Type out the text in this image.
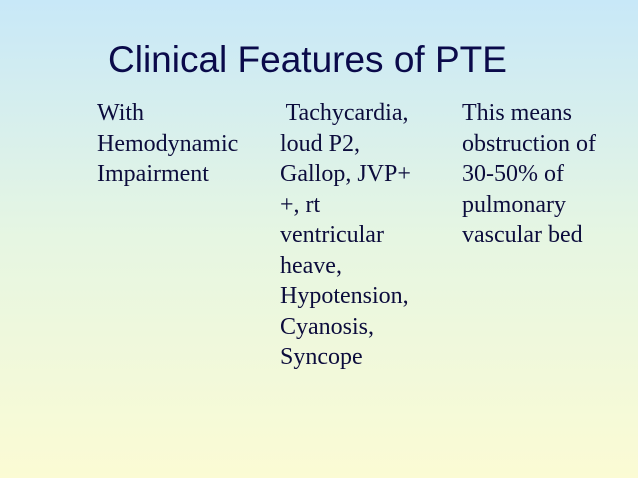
Clinical Features of PTE
With
Hemodynamic
Impairment
Tachycardia,
loud P2,
Gallop, JVP+
+, rt
ventricular
heave,
Hypotension,
Cyanosis,
Syncope
This means
obstruction of
30-50% of
pulmonary
vascular bed
